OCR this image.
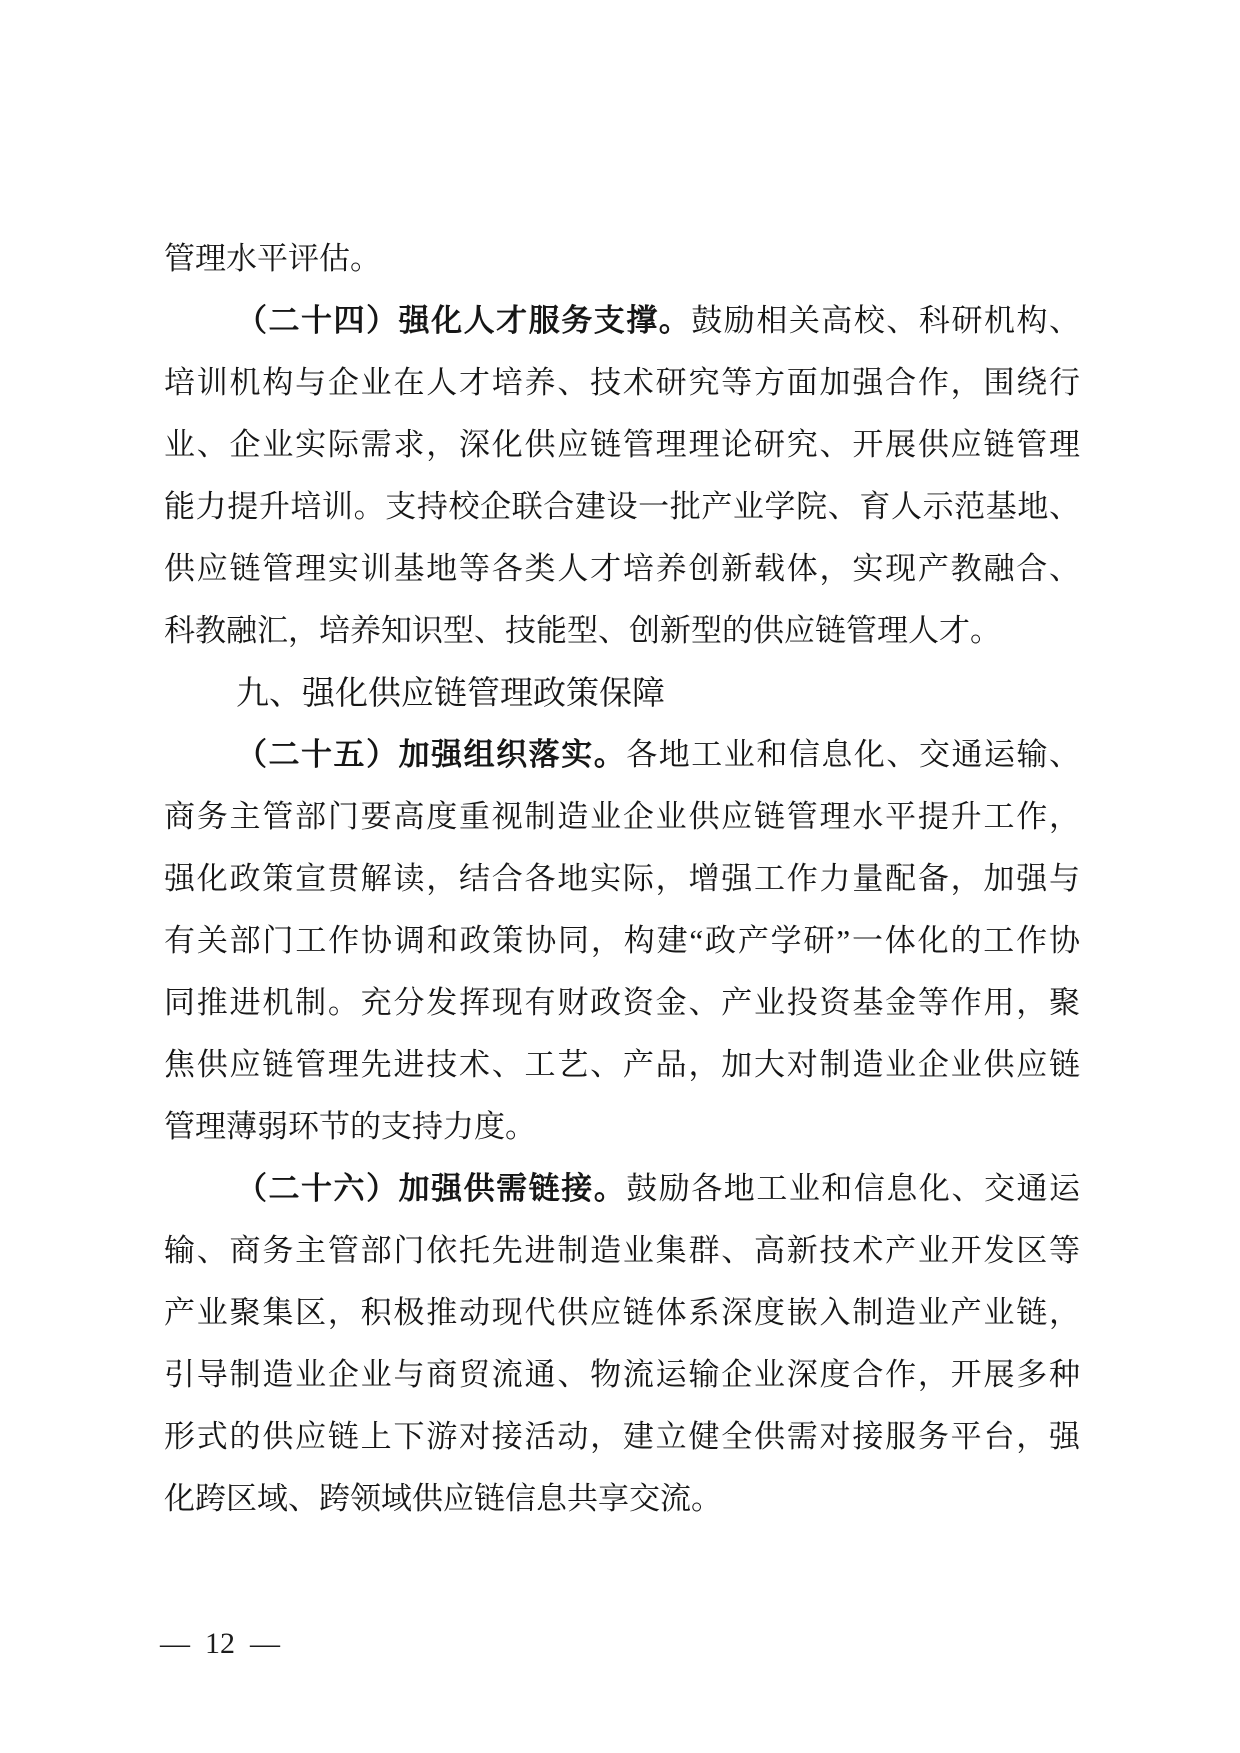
管理水平评估。
（二十四）强化人才服务支撑。鼓励相关高校、科研机构、
培训机构与企业在人才培养、技术研究等方面加强合作，围绕行
业、企业实际需求，深化供应链管理理论研究、开展供应链管理
能力提升培训。支持校企联合建设一批产业学院、育人示范基地、
供应链管理实训基地等各类人才培养创新载体，实现产教融合、
科教融汇，培养知识型、技能型、创新型的供应链管理人才。
九、强化供应链管理政策保障
（二十五）加强组织落实。各地工业和信息化、交通运输、
商务主管部门要高度重视制造业企业供应链管理水平提升工作，
强化政策宣贯解读，结合各地实际，增强工作力量配备，加强与
有关部门工作协调和政策协同，构建“政产学研”一体化的工作协
同推进机制。充分发挥现有财政资金、产业投资基金等作用，聚
焦供应链管理先进技术、工艺、产品，加大对制造业企业供应链
管理薄弱环节的支持力度。
（二十六）加强供需链接。鼓励各地工业和信息化、交通运
输、商务主管部门依托先进制造业集群、高新技术产业开发区等
产业聚集区，积极推动现代供应链体系深度嵌入制造业产业链，
引导制造业企业与商贸流通、物流运输企业深度合作，开展多种
形式的供应链上下游对接活动，建立健全供需对接服务平台，强
化跨区域、跨领域供应链信息共享交流。
— 12 —
